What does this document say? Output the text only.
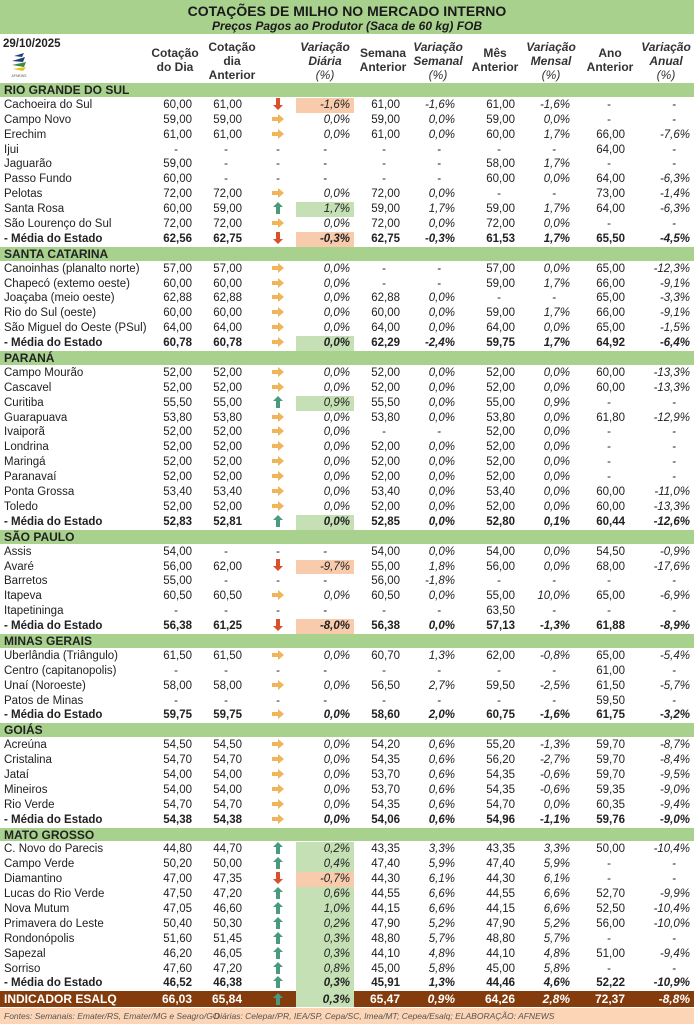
COTAÇÕES DE MILHO NO MERCADO INTERNO
Preços Pagos ao Produtor (Saca de 60 kg) FOB
29/10/2025
AFNEWS
Cotação
do Dia
Cotação
dia
Anterior
Variação
Diária
(%)
Semana
Anterior
Variação
Semanal
(%)
Mês
Anterior
Variação
Mensal
(%)
Ano
Anterior
Variação
Anual
(%)
RIO GRANDE DO SUL
Cachoeira do Sul	60,00 61,00	-1,6%	61,00 -1,6%	61,00 -1,6%	-	-
Campo Novo	59,00 59,00	0,0%	59,00	0,0%	59,00	0,0%	-	-
Erechim	61,00 61,00	0,0%	61,00	0,0%	60,00	1,7% 66,00	-7,6%
Ijui	-	-	-	-	-	-	-	-	64,00	-
Jaguarão	59,00	-	-	-	-	-	58,00	1,7%	-	-
Passo Fundo	60,00	-	-	-	-	-	60,00	0,0% 64,00	-6,3%
Pelotas	72,00 72,00	0,0%	72,00	0,0%	-	-	73,00	-1,4%
Santa Rosa	60,00 59,00	1,7%	59,00	1,7%	59,00	1,7% 64,00	-6,3%
São Lourenço do Sul	72,00 72,00	0,0%	72,00	0,0%	72,00	0,0%	-	-
- Média do Estado	62,56 62,75	-0,3%	62,75 -0,3%	61,53	1,7% 65,50	-4,5%
SANTA CATARINA
Canoinhas (planalto norte) 57,00 57,00	0,0%	-	-	57,00	0,0% 65,00 -12,3%
Chapecó (extemo oeste)	60,00 60,00	0,0%	-	-	59,00	1,7% 66,00	-9,1%
Joaçaba (meio oeste)	62,88 62,88	0,0%	62,88	0,0%	-	-	65,00	-3,3%
Rio do Sul (oeste)	60,00 60,00	0,0%	60,00	0,0%	59,00	1,7% 66,00	-9,1%
São Miguel do Oeste (PSul) 64,00 64,00	0,0%	64,00	0,0%	64,00	0,0% 65,00	-1,5%
- Média do Estado	60,78 60,78	0,0%	62,29 -2,4%	59,75	1,7% 64,92	-6,4%
PARANÁ
Campo Mourão	52,00 52,00	0,0%	52,00	0,0%	52,00	0,0% 60,00 -13,3%
Cascavel	52,00 52,00	0,0%	52,00	0,0%	52,00	0,0% 60,00 -13,3%
Curitiba	55,50 55,00	0,9%	55,50	0,0%	55,00	0,9%	-	-
Guarapuava	53,80 53,80	0,0%	53,80	0,0%	53,80	0,0% 61,80 -12,9%
Ivaiporã	52,00 52,00	0,0%	-	-	52,00	0,0%	-	-
Londrina	52,00 52,00	0,0%	52,00	0,0%	52,00	0,0%	-	-
Maringá	52,00 52,00	0,0%	52,00	0,0%	52,00	0,0%	-	-
Paranavaí	52,00 52,00	0,0%	52,00	0,0%	52,00	0,0%	-	-
Ponta Grossa	53,40 53,40	0,0%	53,40	0,0%	53,40	0,0% 60,00	-11,0%
Toledo	52,00 52,00	0,0%	52,00	0,0%	52,00	0,0% 60,00 -13,3%
- Média do Estado	52,83 52,81	0,0%	52,85	0,0%	52,80	0,1% 60,44 -12,6%
SÃO PAULO
Assis	54,00	-	-	-	54,00	0,0%	54,00	0,0% 54,50	-0,9%
Avaré	56,00 62,00	-9,7%	55,00	1,8%	56,00	0,0% 68,00 -17,6%
Barretos	55,00	-	-	-	56,00 -1,8%	-	-	-	-
Itapeva	60,50 60,50	0,0%	60,50	0,0%	55,00 10,0% 65,00	-6,9%
Itapetininga	-	-	-	-	-	-	63,50	-	-	-
- Média do Estado	56,38 61,25	-8,0%	56,38	0,0%	57,13 -1,3% 61,88	-8,9%
MINAS GERAIS
Uberlândia (Triângulo)	61,50 61,50	0,0%	60,70	1,3%	62,00 -0,8% 65,00	-5,4%
Centro (capitanopolis)	-	-	-	-	-	-	-	-	61,00	-
Unaí (Noroeste)	58,00 58,00	0,0%	56,50	2,7%	59,50 -2,5% 61,50	-5,7%
Patos de Minas	-	-	-	-	-	-	-	-	59,50	-
- Média do Estado	59,75 59,75	0,0%	58,60	2,0%	60,75 -1,6% 61,75	-3,2%
GOIÁS
Acreúna	54,50 54,50	0,0%	54,20	0,6%	55,20 -1,3% 59,70	-8,7%
Cristalina	54,70 54,70	0,0%	54,35	0,6%	56,20 -2,7% 59,70	-8,4%
Jataí	54,00 54,00	0,0%	53,70	0,6%	54,35 -0,6% 59,70	-9,5%
Mineiros	54,00 54,00	0,0%	53,70	0,6%	54,35 -0,6% 59,35	-9,0%
Rio Verde	54,70 54,70	0,0%	54,35	0,6%	54,70	0,0% 60,35	-9,4%
- Média do Estado	54,38 54,38	0,0%	54,06	0,6%	54,96 -1,1% 59,76	-9,0%
MATO GROSSO
C. Novo do Parecis	44,80 44,70	0,2%	43,35	3,3%	43,35	3,3% 50,00 -10,4%
Campo Verde	50,20 50,00	0,4%	47,40	5,9%	47,40	5,9%	-	-
Diamantino	47,00 47,35	-0,7%	44,30	6,1%	44,30	6,1%	-	-
Lucas do Rio Verde	47,50 47,20	0,6%	44,55	6,6%	44,55	6,6% 52,70	-9,9%
Nova Mutum	47,05 46,60	1,0%	44,15	6,6%	44,15	6,6% 52,50 -10,4%
Primavera do Leste	50,40 50,30	0,2%	47,90	5,2%	47,90	5,2% 56,00 -10,0%
Rondonópolis	51,60 51,45	0,3%	48,80	5,7%	48,80	5,7%	-	-
Sapezal	46,20 46,05	0,3%	44,10	4,8%	44,10	4,8% 51,00	-9,4%
Sorriso	47,60 47,20	0,8%	45,00	5,8%	45,00	5,8%	-	-
- Média do Estado	46,52 46,38	0,3%	45,91	1,3%	44,46	4,6% 52,22 -10,9%
INDICADOR ESALQ	66,03 65,84	0,3%	65,47 0,9% 64,26 2,8% 72,37	-8,8%
Fontes: Semanais: Emater/RS, Emater/MG e Seagro/GO
Diárias: Celepar/PR, IEA/SP, Cepa/SC, Imea/MT; Cepea/Esalq; ELABORAÇÃO: AFNEWS
